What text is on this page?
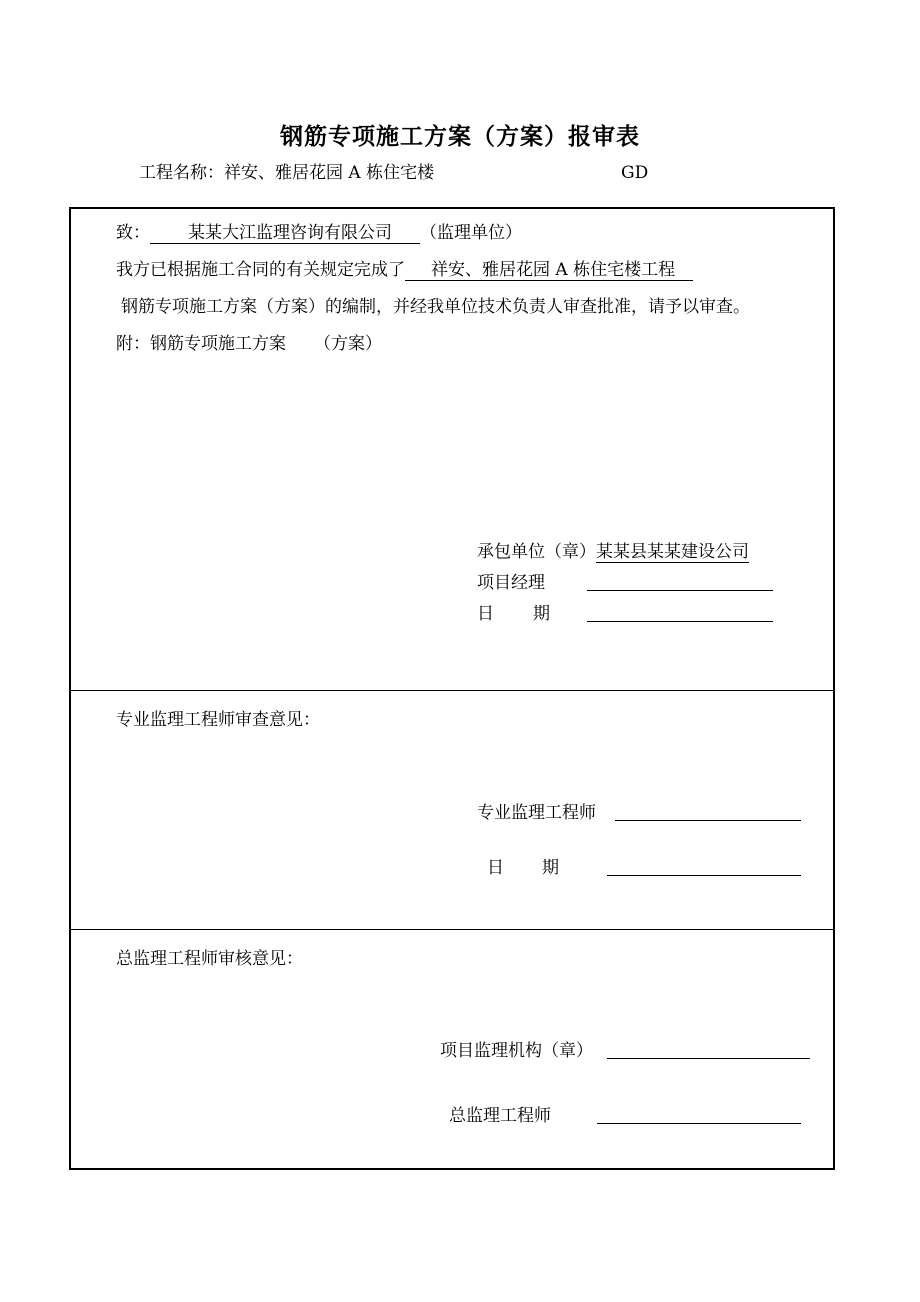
钢筋专项施工方案（方案）报审表
工程名称：祥安、雅居花园 A 栋住宅楼	GD
致： 某某大江监理咨询有限公司 （监理单位）
我方已根据施工合同的有关规定完成了 祥安、雅居花园 A 栋住宅楼工程
钢筋专项施工方案（方案）的编制，并经我单位技术负责人审查批准，请予以审查。
附：钢筋专项施工方案 （方案）
承包单位（章）某某县某某建设公司
项目经理
日 期
专业监理工程师审查意见：
专业监理工程师
日 期
总监理工程师审核意见：
项目监理机构（章）
总监理工程师
